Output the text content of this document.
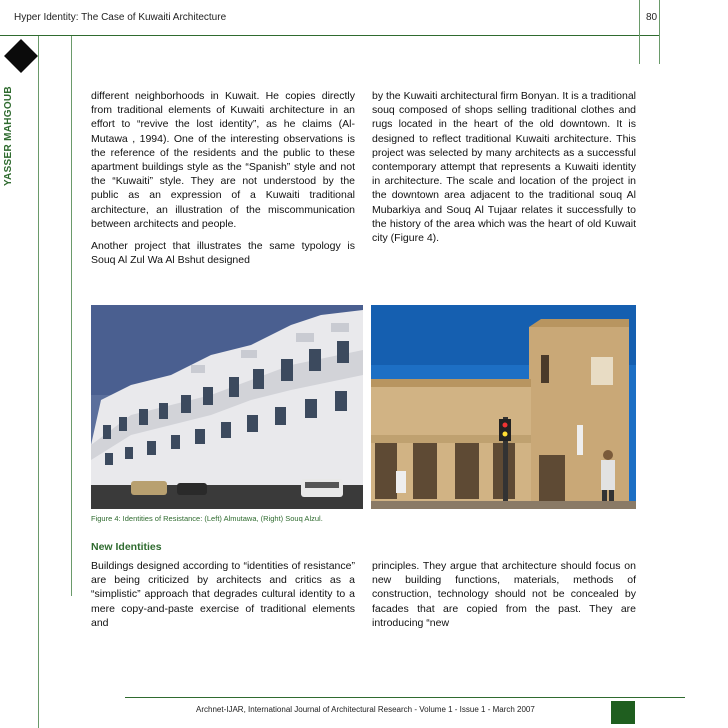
Hyper Identity: The Case of Kuwaiti Architecture	80
YASSER MAHGOUB	different neighborhoods in Kuwait. He copies directly from traditional elements of Kuwaiti architecture in an effort to “revive the lost identity”, as he claims (Al-Mutawa , 1994). One of the interesting observations is the reference of the residents and the public to these apartment buildings style as the “Spanish” style and not the “Kuwaiti” style. They are not understood by the public as an expression of a Kuwaiti traditional architecture, an illustration of the miscommunication between architects and people.

Another project that illustrates the same typology is Souq Al Zul Wa Al Bshut designed

by the Kuwaiti architectural firm Bonyan. It is a traditional souq composed of shops selling traditional clothes and rugs located in the heart of the old downtown. It is designed to reflect traditional Kuwaiti architecture. This project was selected by many architects as a successful contemporary attempt that represents a Kuwaiti identity in architecture. The scale and location of the project in the downtown area adjacent to the traditional souq Al Mubarkiya and Souq Al Tujaar relates it successfully to the history of the area which was the heart of old Kuwait city (Figure 4).

Figure 4: Identities of Resistance: (Left) Almutawa, (Right) Souq Alzul.
New Identities

Buildings designed according to “identities of resistance” are being criticized by architects and critics as a “simplistic” approach that degrades cultural identity to a mere copy-and-paste exercise of traditional elements and

principles. They argue that architecture should focus on new building functions, materials, methods of construction, technology should not be concealed by facades that are copied from the past. They are introducing “new

Archnet-IJAR, International Journal of Architectural Research - Volume 1 - Issue 1 - March 2007
